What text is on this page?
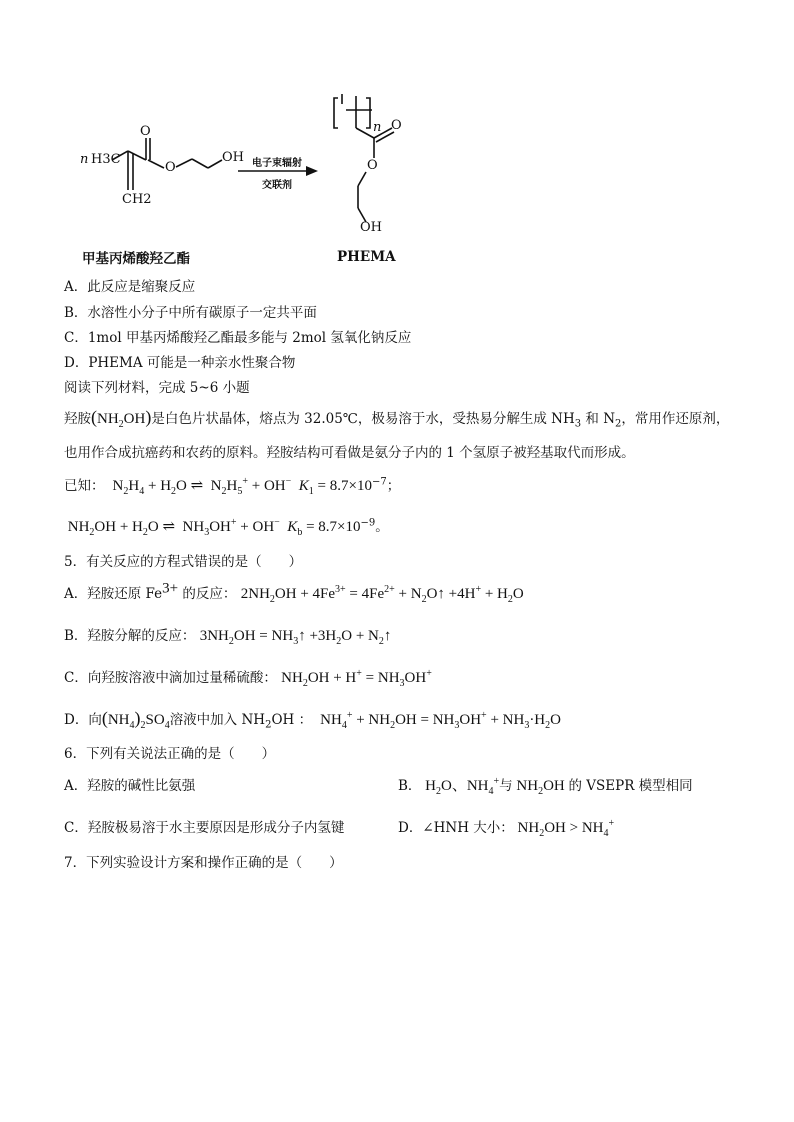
n H3C
O
O
OH
CH2
电子束辐射
交联剂
n O
O
OH
甲基丙烯酸羟乙酯	PHEMA
A．此反应是缩聚反应
B．水溶性小分子中所有碳原子一定共平面
C．1mol 甲基丙烯酸羟乙酯最多能与 2mol 氢氧化钠反应
D．PHEMA 可能是一种亲水性聚合物
阅读下列材料，完成 5~6 小题
羟胺$(NH_2OH)$是白色片状晶体，熔点为 32.05℃，极易溶于水，受热易分解生成 $NH_3$ 和 $N_2$，常用作还原剂，
也用作合成抗癌药和农药的原料。羟胺结构可看做是氨分子内的 1 个氢原子被羟基取代而形成。
已知：  $N_2H_4 + H_2O$ ⇌  $N_2H_5^+ + OH^-$ $K_1 = 8.7\times 10^{-7}$；
$NH_2OH + H_2O$ ⇌  $NH_3OH^+ + OH^-$ $K_b = 8.7\times 10^{-9}$。
5．有关反应的方程式错误的是（　　）
A．羟胺还原 $Fe^{3+}$ 的反应： $2NH_2OH + 4Fe^{3+} = 4Fe^{2+}$ + $N_2O↑ +4H^+ + H_2O$
B．羟胺分解的反应： $3NH_2OH$ = $NH_3↑ +3H_2O$ + $N_2↑$
C．向羟胺溶液中滴加过量稀硫酸： $NH_2OH + H^+ = NH_3OH^+$
D．向$(NH_4)_2SO_4$溶液中加入 $NH_2OH$ ：  $NH_4^+ + NH_2OH = NH_3OH^+ + NH_3\cdot H_2O$
6．下列有关说法正确的是（　　）
A．羟胺的碱性比氨强	B． $H_2O$、$NH_4^+$与 $NH_2OH$ 的 VSEPR 模型相同
C．羟胺极易溶于水主要原因是形成分子内氢键	D．∠HNH 大小： $NH_2OH > NH_4^+$
7．下列实验设计方案和操作正确的是（　　）
